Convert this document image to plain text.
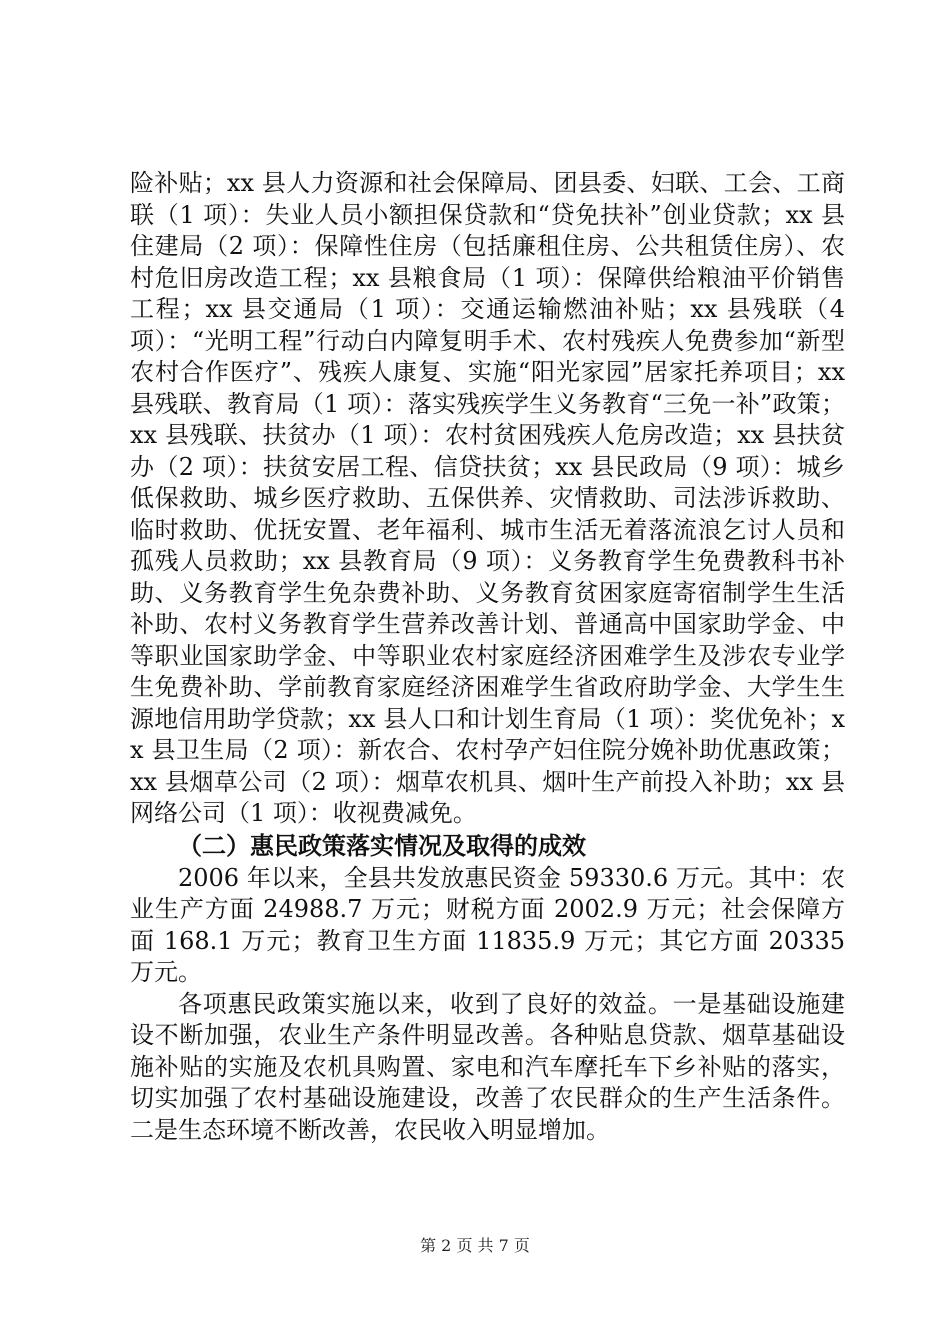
险补贴；xx 县人力资源和社会保障局、团县委、妇联、工会、工商联（1 项）：失业人员小额担保贷款和“贷免扶补”创业贷款；xx 县住建局（2 项）：保障性住房（包括廉租住房、公共租赁住房）、农村危旧房改造工程；xx 县粮食局（1 项）：保障供给粮油平价销售工程；xx 县交通局（1 项）：交通运输燃油补贴；xx 县残联（4 项）：“光明工程”行动白内障复明手术、农村残疾人免费参加“新型农村合作医疗”、残疾人康复、实施“阳光家园”居家托养项目；xx 县残联、教育局（1 项）：落实残疾学生义务教育“三免一补”政策；xx 县残联、扶贫办（1 项）：农村贫困残疾人危房改造；xx 县扶贫办（2 项）：扶贫安居工程、信贷扶贫；xx 县民政局（9 项）：城乡低保救助、城乡医疗救助、五保供养、灾情救助、司法涉诉救助、临时救助、优抚安置、老年福利、城市生活无着落流浪乞讨人员和孤残人员救助；xx 县教育局（9 项）：义务教育学生免费教科书补助、义务教育学生免杂费补助、义务教育贫困家庭寄宿制学生生活补助、农村义务教育学生营养改善计划、普通高中国家助学金、中等职业国家助学金、中等职业农村家庭经济困难学生及涉农专业学生免费补助、学前教育家庭经济困难学生省政府助学金、大学生生源地信用助学贷款；xx 县人口和计划生育局（1 项）：奖优免补；xx 县卫生局（2 项）：新农合、农村孕产妇住院分娩补助优惠政策；xx 县烟草公司（2 项）：烟草农机具、烟叶生产前投入补助；xx 县网络公司（1 项）：收视费减免。

（二）惠民政策落实情况及取得的成效

2006 年以来，全县共发放惠民资金 59330.6 万元。其中：农业生产方面 24988.7 万元；财税方面 2002.9 万元；社会保障方面 168.1 万元；教育卫生方面 11835.9 万元；其它方面 20335 万元。

各项惠民政策实施以来，收到了良好的效益。一是基础设施建设不断加强，农业生产条件明显改善。各种贴息贷款、烟草基础设施补贴的实施及农机具购置、家电和汽车摩托车下乡补贴的落实，切实加强了农村基础设施建设，改善了农民群众的生产生活条件。二是生态环境不断改善，农民收入明显增加。

第 2 页 共 7 页
